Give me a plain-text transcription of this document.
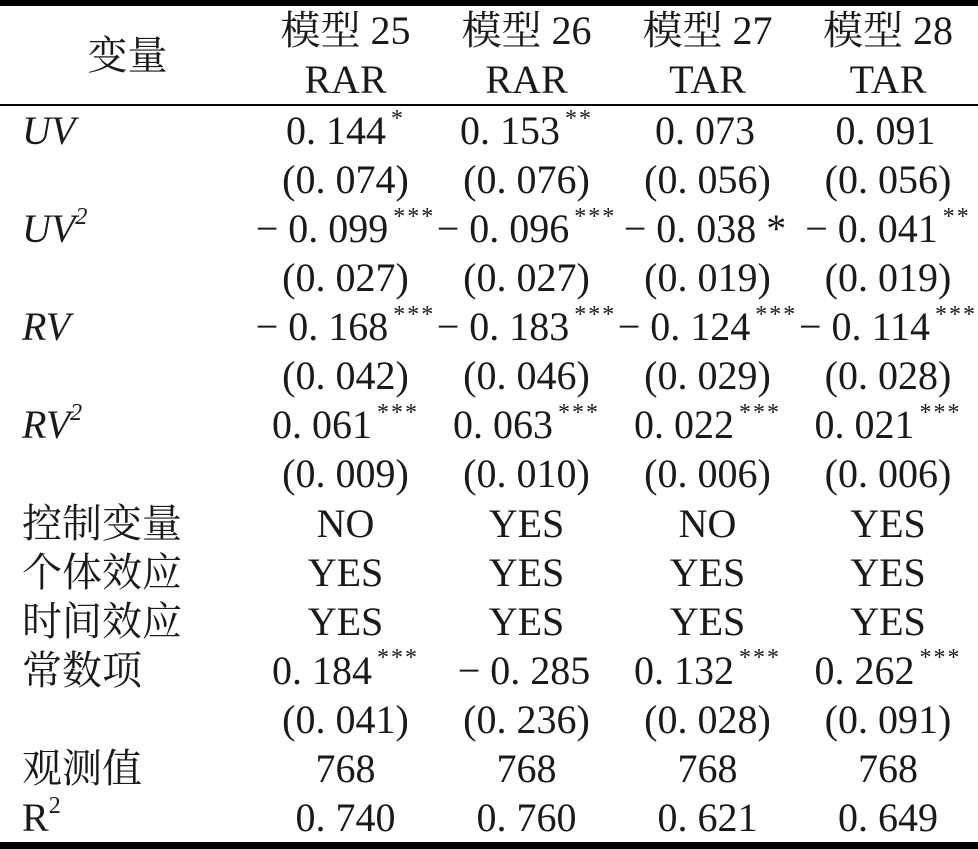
变量	模型 25	模型 26	模型 27	模型 28
	RAR	RAR	TAR	TAR
UV	0. 144 *	0. 153 **	0. 073	0. 091
	(0. 074)	(0. 076)	(0. 056)	(0. 056)
$UV^2$	− 0. 099 ***	− 0. 096 ***	− 0. 038 *	− 0. 041 **
	(0. 027)	(0. 027)	(0. 019)	(0. 019)
RV	− 0. 168 ***	− 0. 183 ***	− 0. 124 ***	− 0. 114 ***
	(0. 042)	(0. 046)	(0. 029)	(0. 028)
$RV^2$	0. 061 ***	0. 063 ***	0. 022 ***	0. 021 ***
	(0. 009)	(0. 010)	(0. 006)	(0. 006)
控制变量	NO	YES	NO	YES
个体效应	YES	YES	YES	YES
时间效应	YES	YES	YES	YES
常数项	0. 184 ***	− 0. 285	0. 132 ***	0. 262 ***
	(0. 041)	(0. 236)	(0. 028)	(0. 091)
观测值	768	768	768	768
$R^2$	0. 740	0. 760	0. 621	0. 649
